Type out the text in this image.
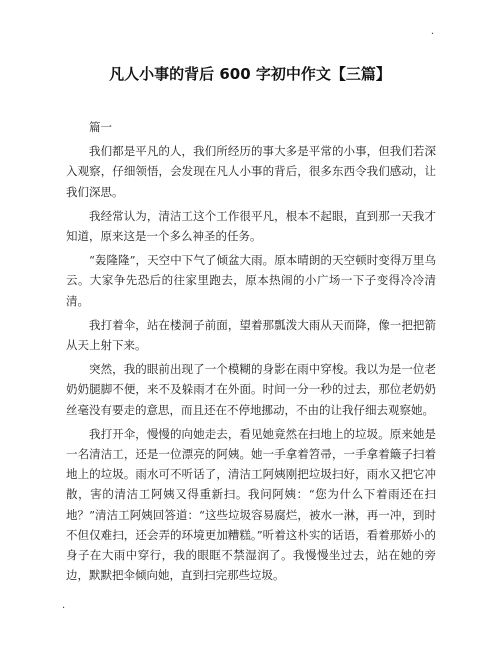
·
凡人小事的背后 600 字初中作文【三篇】
篇一

我们都是平凡的人，我们所经历的事大多是平常的小事，但我们若深入观察，仔细领悟，会发现在凡人小事的背后，很多东西令我们感动，让我们深思。

我经常认为，清洁工这个工作很平凡，根本不起眼，直到那一天我才知道，原来这是一个多么神圣的任务。

“轰隆隆”，天空中下气了倾盆大雨。原本晴朗的天空顿时变得万里乌云。大家争先恐后的往家里跑去，原本热闹的小广场一下子变得冷冷清清。

我打着伞，站在楼洞子前面，望着那瓢泼大雨从天而降，像一把把箭从天上射下来。

突然，我的眼前出现了一个模糊的身影在雨中穿梭。我以为是一位老奶奶腿脚不便，来不及躲雨才在外面。时间一分一秒的过去，那位老奶奶丝毫没有要走的意思，而且还在不停地挪动，不由的让我仔细去观察她。

我打开伞，慢慢的向她走去，看见她竟然在扫地上的垃圾。原来她是一名清洁工，还是一位漂亮的阿姨。她一手拿着笤帚，一手拿着簸子扫着地上的垃圾。雨水可不听话了，清洁工阿姨刚把垃圾扫好，雨水又把它冲散，害的清洁工阿姨又得重新扫。我问阿姨：“您为什么下着雨还在扫地？”清洁工阿姨回答道：“这些垃圾容易腐烂，被水一淋，再一冲，到时不但仅难扫，还会弄的环境更加糟糕。”听着这朴实的话语，看着那娇小的身子在大雨中穿行，我的眼眶不禁湿润了。我慢慢坐过去，站在她的旁边，默默把伞倾向她，直到扫完那些垃圾。

·
